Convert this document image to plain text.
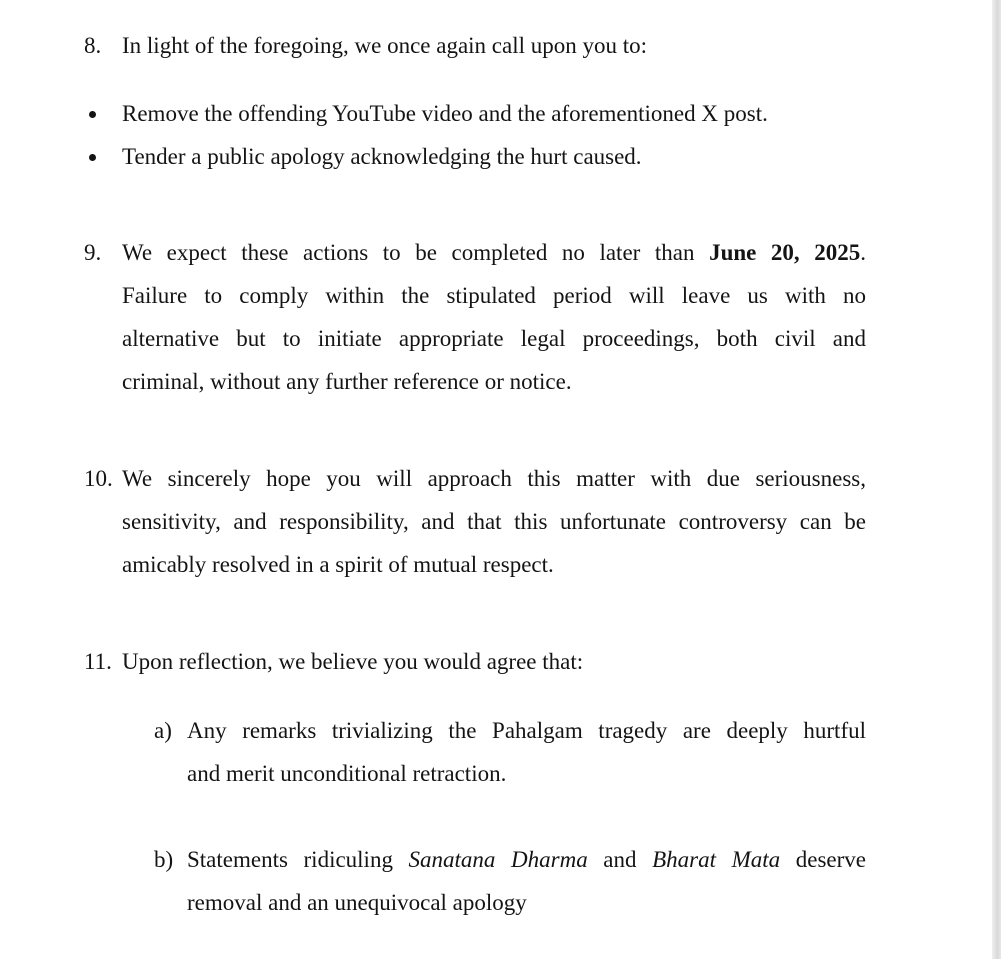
8. In light of the foregoing, we once again call upon you to:

Remove the offending YouTube video and the aforementioned X post.

Tender a public apology acknowledging the hurt caused.

9. We expect these actions to be completed no later than June 20, 2025.

Failure to comply within the stipulated period will leave us with no

alternative but to initiate appropriate legal proceedings, both civil and

criminal, without any further reference or notice.

10. We sincerely hope you will approach this matter with due seriousness,

sensitivity, and responsibility, and that this unfortunate controversy can be

amicably resolved in a spirit of mutual respect.

11. Upon reflection, we believe you would agree that:

a) Any remarks trivializing the Pahalgam tragedy are deeply hurtful

and merit unconditional retraction.

b) Statements ridiculing Sanatana Dharma and Bharat Mata deserve

removal and an unequivocal apology
